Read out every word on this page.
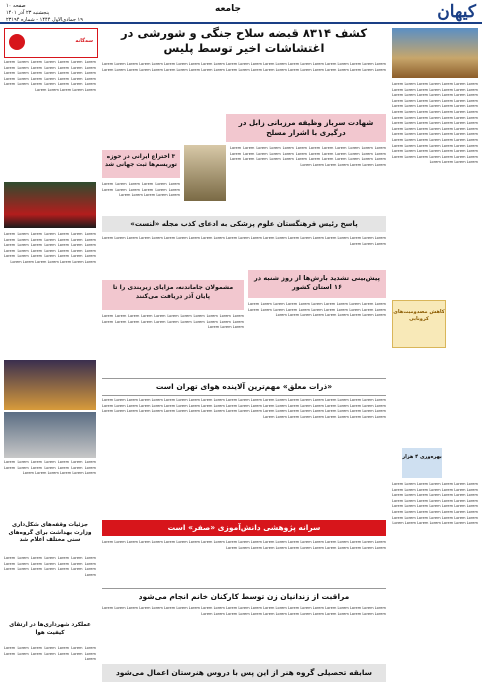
کیهان
جامعه
صفحه ۱۰
پنجشنبه ۲۳ آذر ۱۴۰۱
۱۹ جمادی‌الاول ۱۴۴۴ - شماره ۲۳۱۹۴
Lorem Lorem Lorem Lorem Lorem Lorem Lorem Lorem Lorem Lorem Lorem Lorem Lorem Lorem Lorem Lorem Lorem Lorem Lorem Lorem Lorem Lorem Lorem Lorem Lorem Lorem Lorem Lorem Lorem Lorem Lorem Lorem Lorem Lorem Lorem Lorem Lorem Lorem Lorem Lorem Lorem Lorem Lorem Lorem Lorem Lorem Lorem Lorem Lorem Lorem Lorem Lorem Lorem Lorem Lorem Lorem Lorem Lorem Lorem Lorem Lorem Lorem Lorem Lorem Lorem Lorem Lorem Lorem Lorem Lorem Lorem Lorem Lorem Lorem Lorem Lorem Lorem Lorem Lorem Lorem Lorem Lorem Lorem Lorem Lorem Lorem Lorem Lorem Lorem Lorem Lorem Lorem Lorem Lorem Lorem Lorem Lorem Lorem Lorem Lorem Lorem Lorem
کاهش مصدومیت‌های کرونایی
بهره‌وری ۴ هزار
Lorem Lorem Lorem Lorem Lorem Lorem Lorem Lorem Lorem Lorem Lorem Lorem Lorem Lorem Lorem Lorem Lorem Lorem Lorem Lorem Lorem Lorem Lorem Lorem Lorem Lorem Lorem Lorem Lorem Lorem Lorem Lorem Lorem Lorem Lorem Lorem Lorem Lorem Lorem Lorem Lorem Lorem Lorem Lorem Lorem Lorem Lorem Lorem Lorem Lorem Lorem Lorem Lorem Lorem Lorem Lorem
کشف ۸۳۱۴ قبضه سلاح جنگی و شورشی در اغتشاشات اخیر توسط پلیس
Lorem Lorem Lorem Lorem Lorem Lorem Lorem Lorem Lorem Lorem Lorem Lorem Lorem Lorem Lorem Lorem Lorem Lorem Lorem Lorem Lorem Lorem Lorem Lorem Lorem Lorem Lorem Lorem Lorem Lorem Lorem Lorem Lorem Lorem Lorem Lorem Lorem Lorem Lorem Lorem Lorem Lorem Lorem Lorem Lorem Lorem
شهادت سرباز وظیفه مرزبانی زابل در درگیری با اشرار مسلح
Lorem Lorem Lorem Lorem Lorem Lorem Lorem Lorem Lorem Lorem Lorem Lorem Lorem Lorem Lorem Lorem Lorem Lorem Lorem Lorem Lorem Lorem Lorem Lorem Lorem Lorem Lorem Lorem Lorem Lorem Lorem Lorem Lorem Lorem Lorem Lorem Lorem Lorem Lorem Lorem Lorem Lorem Lorem
۳ اختراع ایرانی در حوزه توریسم‌ها ثبت جهانی شد
Lorem Lorem Lorem Lorem Lorem Lorem Lorem Lorem Lorem Lorem Lorem Lorem Lorem Lorem Lorem Lorem Lorem
پاسخ رئیس فرهنگستان علوم پزشکی به ادعای کذب مجله «لنست»
Lorem Lorem Lorem Lorem Lorem Lorem Lorem Lorem Lorem Lorem Lorem Lorem Lorem Lorem Lorem Lorem Lorem Lorem Lorem Lorem Lorem Lorem Lorem Lorem Lorem Lorem
پیش‌بینی تشدید بارش‌ها از روز شنبه در ۱۶ استان کشور
Lorem Lorem Lorem Lorem Lorem Lorem Lorem Lorem Lorem Lorem Lorem Lorem Lorem Lorem Lorem Lorem Lorem Lorem Lorem Lorem Lorem Lorem Lorem Lorem Lorem Lorem Lorem Lorem Lorem Lorem Lorem
مشمولان جاماندنه، مزایای زیربندی را تا پایان آذر دریافت می‌کنند
Lorem Lorem Lorem Lorem Lorem Lorem Lorem Lorem Lorem Lorem Lorem Lorem Lorem Lorem Lorem Lorem Lorem Lorem Lorem Lorem Lorem Lorem Lorem Lorem Lorem
«ذرات معلق» مهم‌ترین آلاینده هوای تهران است
Lorem Lorem Lorem Lorem Lorem Lorem Lorem Lorem Lorem Lorem Lorem Lorem Lorem Lorem Lorem Lorem Lorem Lorem Lorem Lorem Lorem Lorem Lorem Lorem Lorem Lorem Lorem Lorem Lorem Lorem Lorem Lorem Lorem Lorem Lorem Lorem Lorem Lorem Lorem Lorem Lorem Lorem Lorem Lorem Lorem Lorem Lorem Lorem Lorem Lorem Lorem Lorem Lorem Lorem Lorem Lorem Lorem Lorem Lorem Lorem Lorem Lorem Lorem Lorem Lorem Lorem Lorem Lorem Lorem Lorem Lorem Lorem Lorem Lorem Lorem Lorem Lorem Lorem Lorem
سرانه پژوهشی دانش‌آموزی «صفر» است
Lorem Lorem Lorem Lorem Lorem Lorem Lorem Lorem Lorem Lorem Lorem Lorem Lorem Lorem Lorem Lorem Lorem Lorem Lorem Lorem Lorem Lorem Lorem Lorem Lorem Lorem Lorem Lorem Lorem Lorem Lorem Lorem Lorem Lorem Lorem Lorem
مراقبت از زندانیان زن توسط کارکنان خانم انجام می‌شود
Lorem Lorem Lorem Lorem Lorem Lorem Lorem Lorem Lorem Lorem Lorem Lorem Lorem Lorem Lorem Lorem Lorem Lorem Lorem Lorem Lorem Lorem Lorem Lorem Lorem Lorem Lorem Lorem Lorem Lorem Lorem Lorem Lorem Lorem Lorem Lorem Lorem Lorem
سابقه تحصیلی گروه هنر از این پس با دروس هنرستان اعمال می‌شود
سه‌گانه
Lorem Lorem Lorem Lorem Lorem Lorem Lorem Lorem Lorem Lorem Lorem Lorem Lorem Lorem Lorem Lorem Lorem Lorem Lorem Lorem Lorem Lorem Lorem Lorem Lorem Lorem Lorem Lorem Lorem Lorem Lorem Lorem Lorem Lorem Lorem Lorem Lorem Lorem Lorem Lorem
Lorem Lorem Lorem Lorem Lorem Lorem Lorem Lorem Lorem Lorem Lorem Lorem Lorem Lorem Lorem Lorem Lorem Lorem Lorem Lorem Lorem Lorem Lorem Lorem Lorem Lorem Lorem Lorem Lorem Lorem Lorem Lorem Lorem Lorem Lorem Lorem Lorem Lorem Lorem Lorem Lorem Lorem
Lorem Lorem Lorem Lorem Lorem Lorem Lorem Lorem Lorem Lorem Lorem Lorem Lorem Lorem Lorem Lorem Lorem Lorem Lorem Lorem
جزئیات وقفه‌های شکل‌داری وزارت بهداشت برای گروه‌های سنی مختلف اعلام شد
Lorem Lorem Lorem Lorem Lorem Lorem Lorem Lorem Lorem Lorem Lorem Lorem Lorem Lorem Lorem Lorem Lorem Lorem Lorem Lorem Lorem Lorem
عملکرد شهرداری‌ها در ارتقای کیفیت هوا
Lorem Lorem Lorem Lorem Lorem Lorem Lorem Lorem Lorem Lorem Lorem Lorem Lorem Lorem Lorem
